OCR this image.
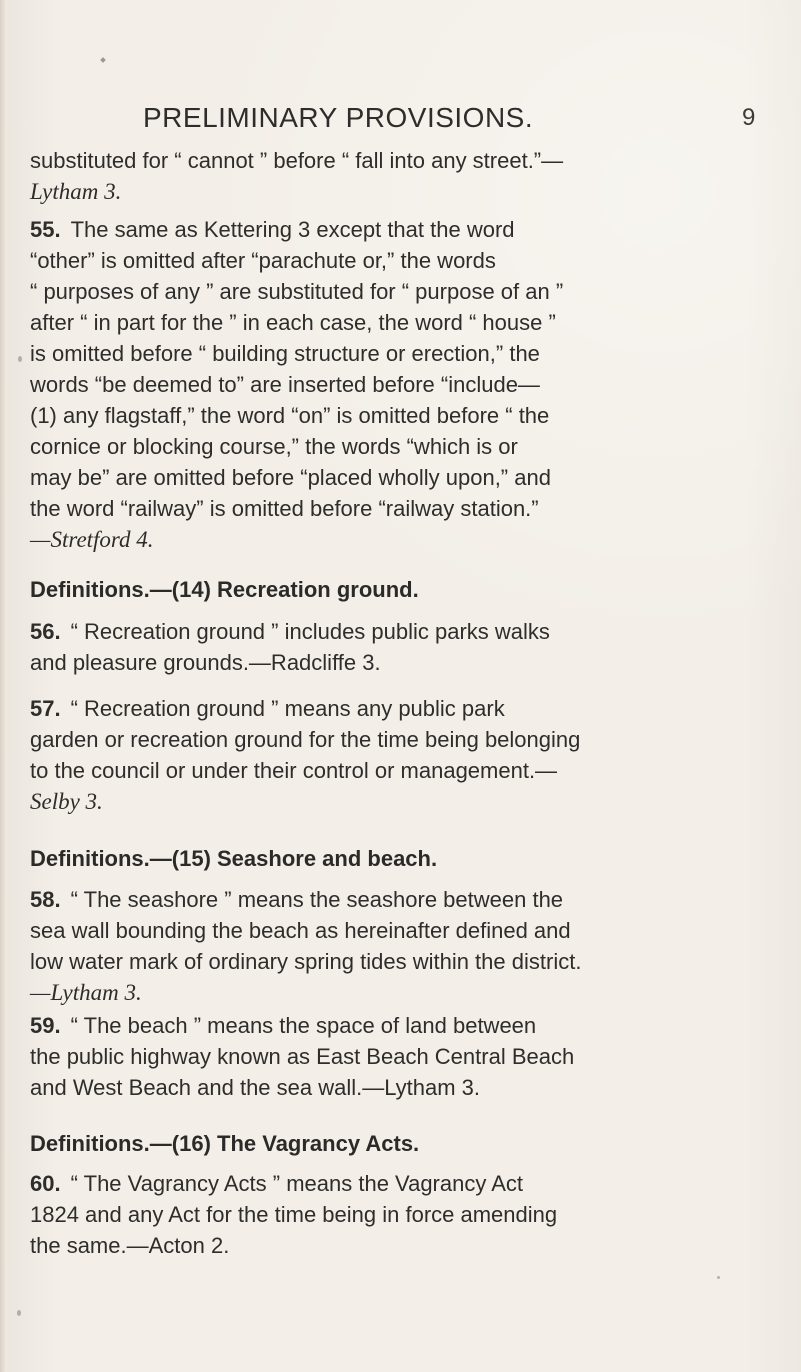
PRELIMINARY PROVISIONS.	9
substituted for “ cannot ” before “ fall into any street.”—
Lytham 3.
55. The same as Kettering 3 except that the word
“other” is omitted after “parachute or,” the words
“ purposes of any ” are substituted for “ purpose of an ”
after “ in part for the ” in each case, the word “ house ”
is omitted before “ building structure or erection,” the
words “be deemed to” are inserted before “include—
(1) any flagstaff,” the word “on” is omitted before “ the
cornice or blocking course,” the words “which is or
may be” are omitted before “placed wholly upon,” and
the word “railway” is omitted before “railway station.”
—Stretford 4.
Definitions.—(14) Recreation ground.
56. “ Recreation ground ” includes public parks walks
and pleasure grounds.—Radcliffe 3.
57. “ Recreation ground ” means any public park
garden or recreation ground for the time being belonging
to the council or under their control or management.—
Selby 3.
Definitions.—(15) Seashore and beach.
58. “ The seashore ” means the seashore between the
sea wall bounding the beach as hereinafter defined and
low water mark of ordinary spring tides within the district.
—Lytham 3.
59. “ The beach ” means the space of land between
the public highway known as East Beach Central Beach
and West Beach and the sea wall.—Lytham 3.
Definitions.—(16) The Vagrancy Acts.
60. “ The Vagrancy Acts ” means the Vagrancy Act
1824 and any Act for the time being in force amending
the same.—Acton 2.
